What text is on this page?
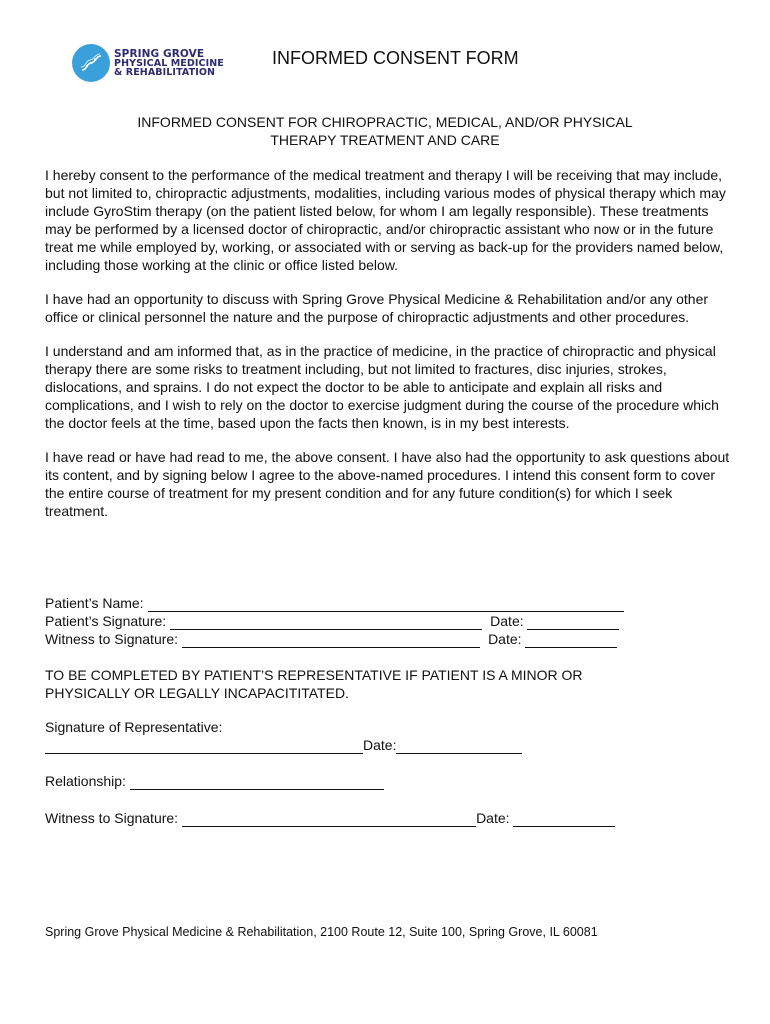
SPRING GROVE
PHYSICAL MEDICINE
& REHABILITATION
INFORMED CONSENT FORM
INFORMED CONSENT FOR CHIROPRACTIC, MEDICAL, AND/OR PHYSICAL
THERAPY TREATMENT AND CARE

I hereby consent to the performance of the medical treatment and therapy I will be receiving that may include, but not limited to, chiropractic adjustments, modalities, including various modes of physical therapy which may include GyroStim therapy (on the patient listed below, for whom I am legally responsible). These treatments may be performed by a licensed doctor of chiropractic, and/or chiropractic assistant who now or in the future treat me while employed by, working, or associated with or serving as back-up for the providers named below, including those working at the clinic or office listed below.

I have had an opportunity to discuss with Spring Grove Physical Medicine & Rehabilitation and/or any other office or clinical personnel the nature and the purpose of chiropractic adjustments and other procedures.

I understand and am informed that, as in the practice of medicine, in the practice of chiropractic and physical therapy there are some risks to treatment including, but not limited to fractures, disc injuries, strokes, dislocations, and sprains. I do not expect the doctor to be able to anticipate and explain all risks and complications, and I wish to rely on the doctor to exercise judgment during the course of the procedure which the doctor feels at the time, based upon the facts then known, is in my best interests.

I have read or have had read to me, the above consent. I have also had the opportunity to ask questions about its content, and by signing below I agree to the above-named procedures. I intend this consent form to cover the entire course of treatment for my present condition and for any future condition(s) for which I seek treatment.

Patient’s Name:
Patient’s Signature:	Date:
Witness to Signature:	Date:
TO BE COMPLETED BY PATIENT’S REPRESENTATIVE IF PATIENT IS A MINOR OR
PHYSICALLY OR LEGALLY INCAPACITITATED.
Signature of Representative:
Date:
Relationship:
Witness to Signature:	Date:
Spring Grove Physical Medicine & Rehabilitation, 2100 Route 12, Suite 100, Spring Grove, IL 60081
